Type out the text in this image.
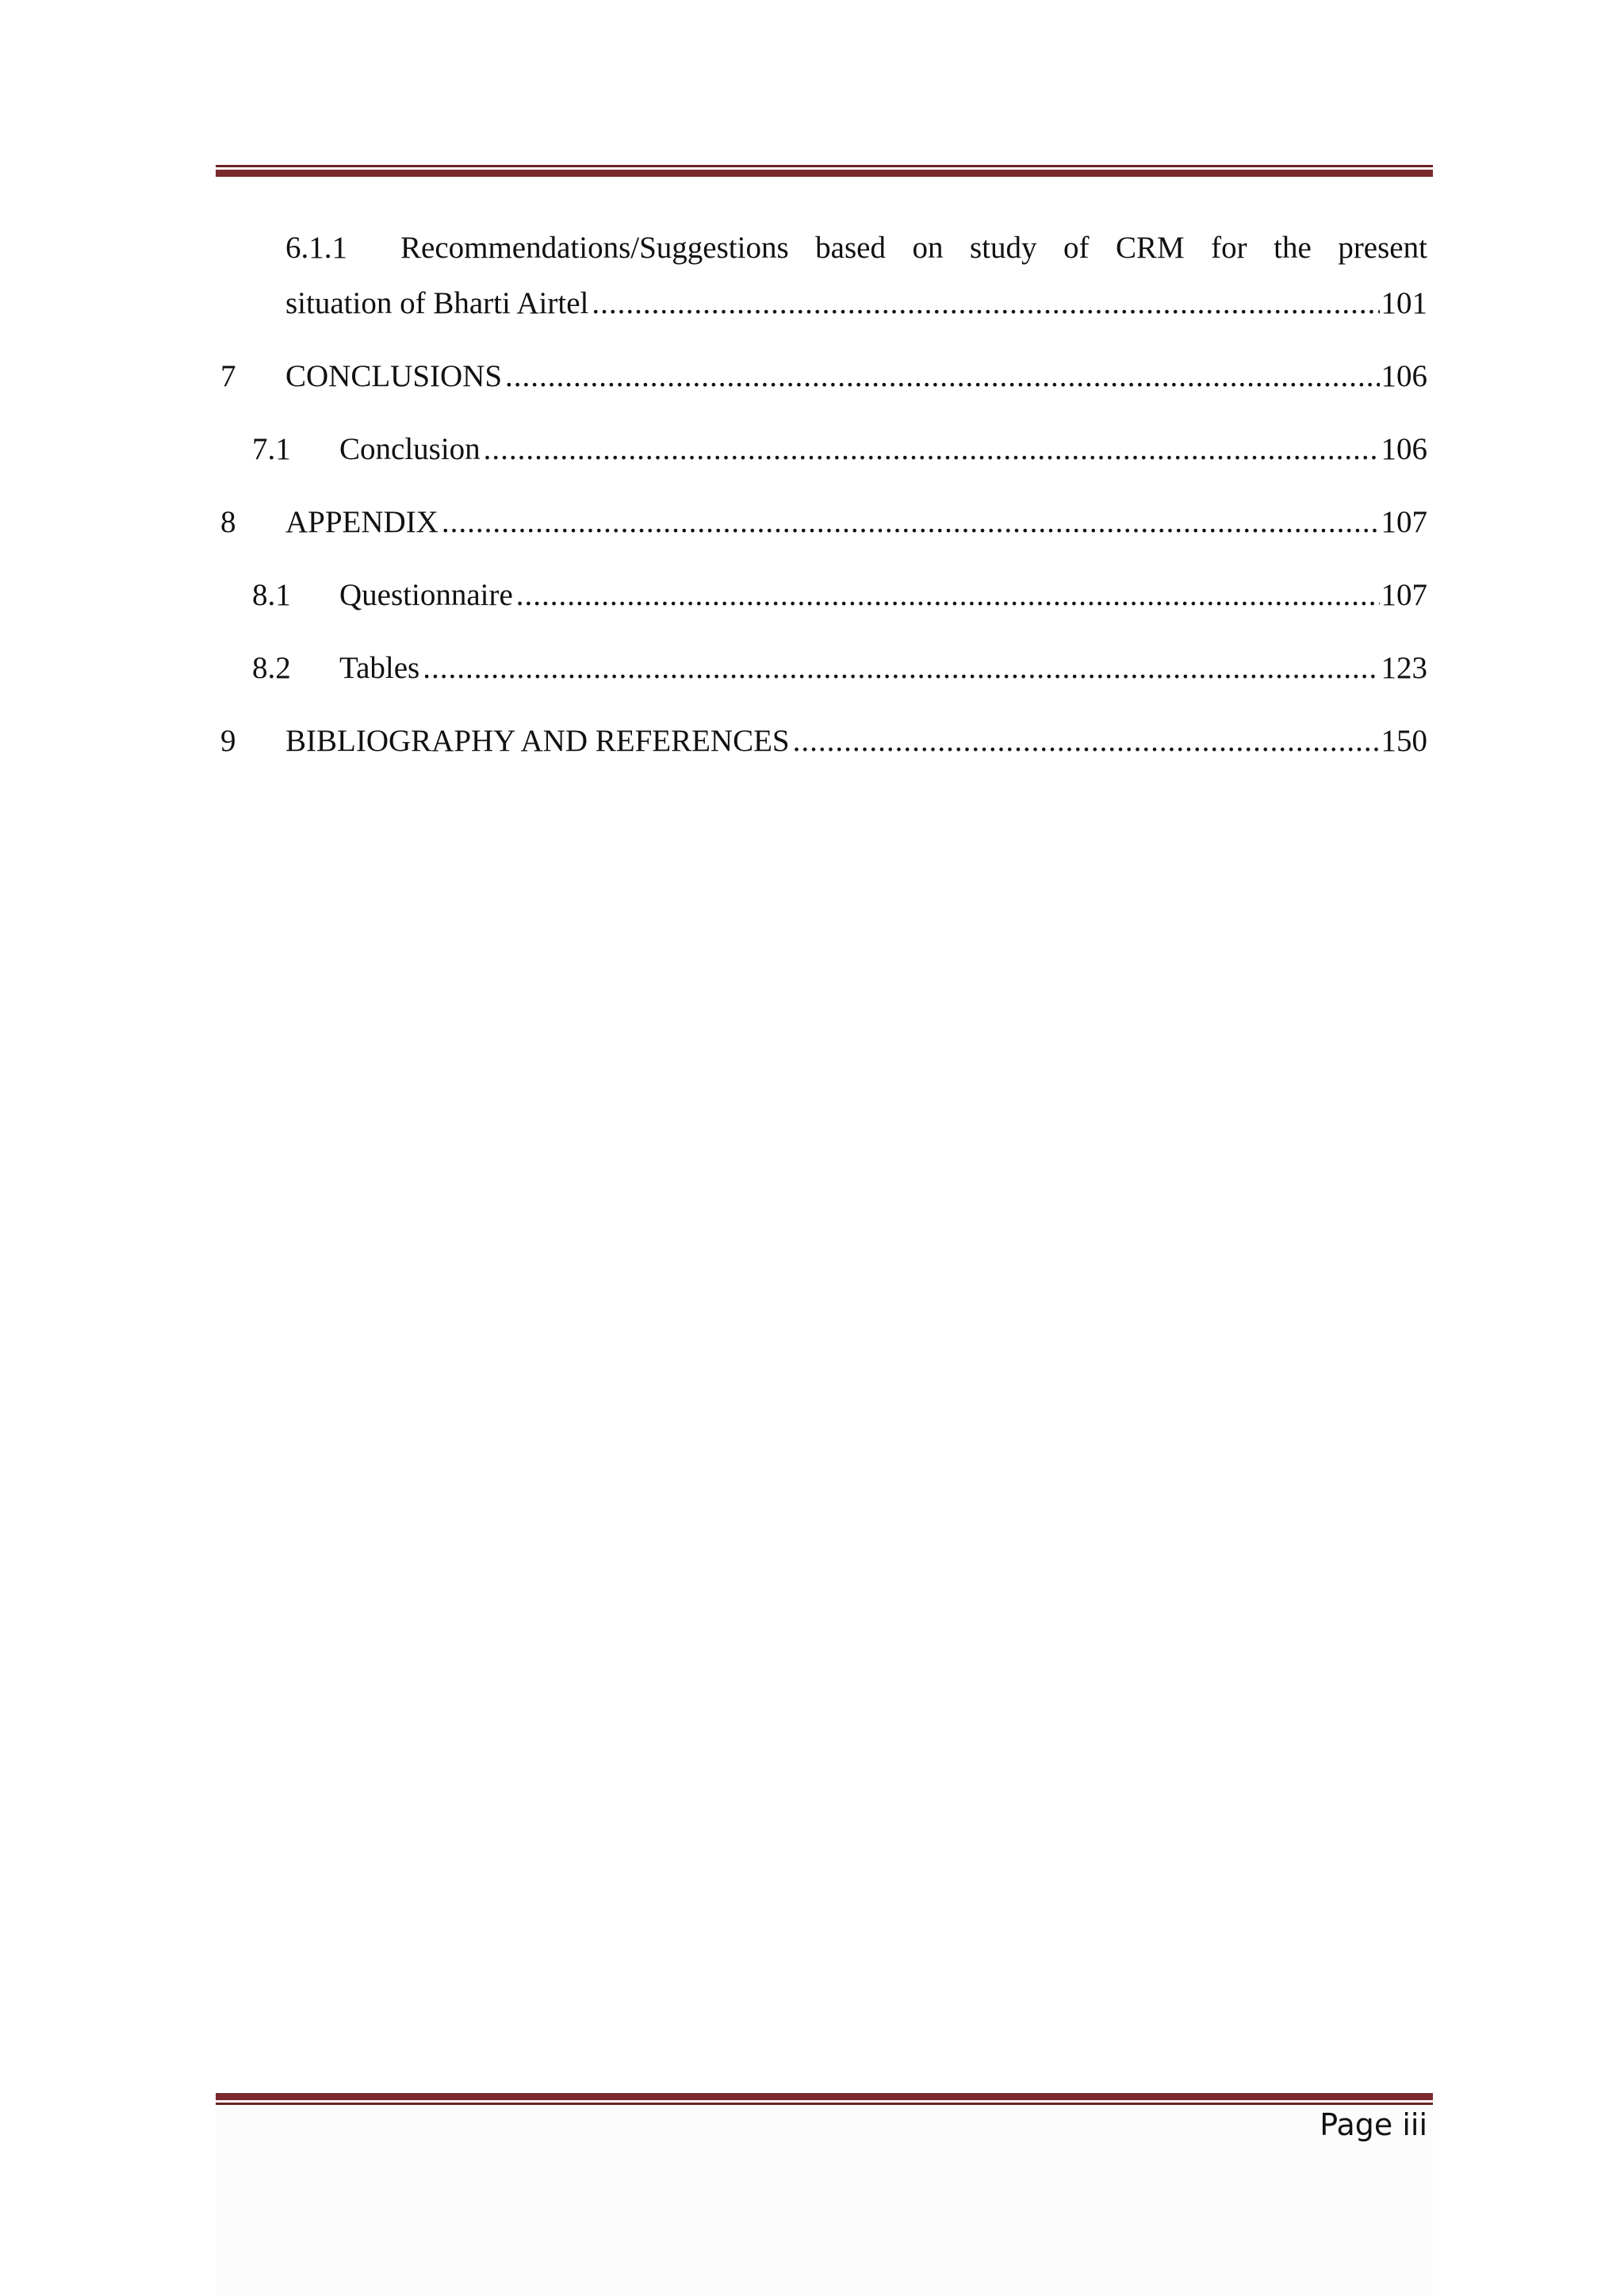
6.1.1 Recommendations/Suggestions based on study of CRM for the present
situation of Bharti Airtel .....	101
7 CONCLUSIONS .....	106
7.1 Conclusion .....	106
8 APPENDIX .....	107
8.1 Questionnaire .....	107
8.2 Tables .....	123
9 BIBLIOGRAPHY AND REFERENCES .....	150
Page iii
